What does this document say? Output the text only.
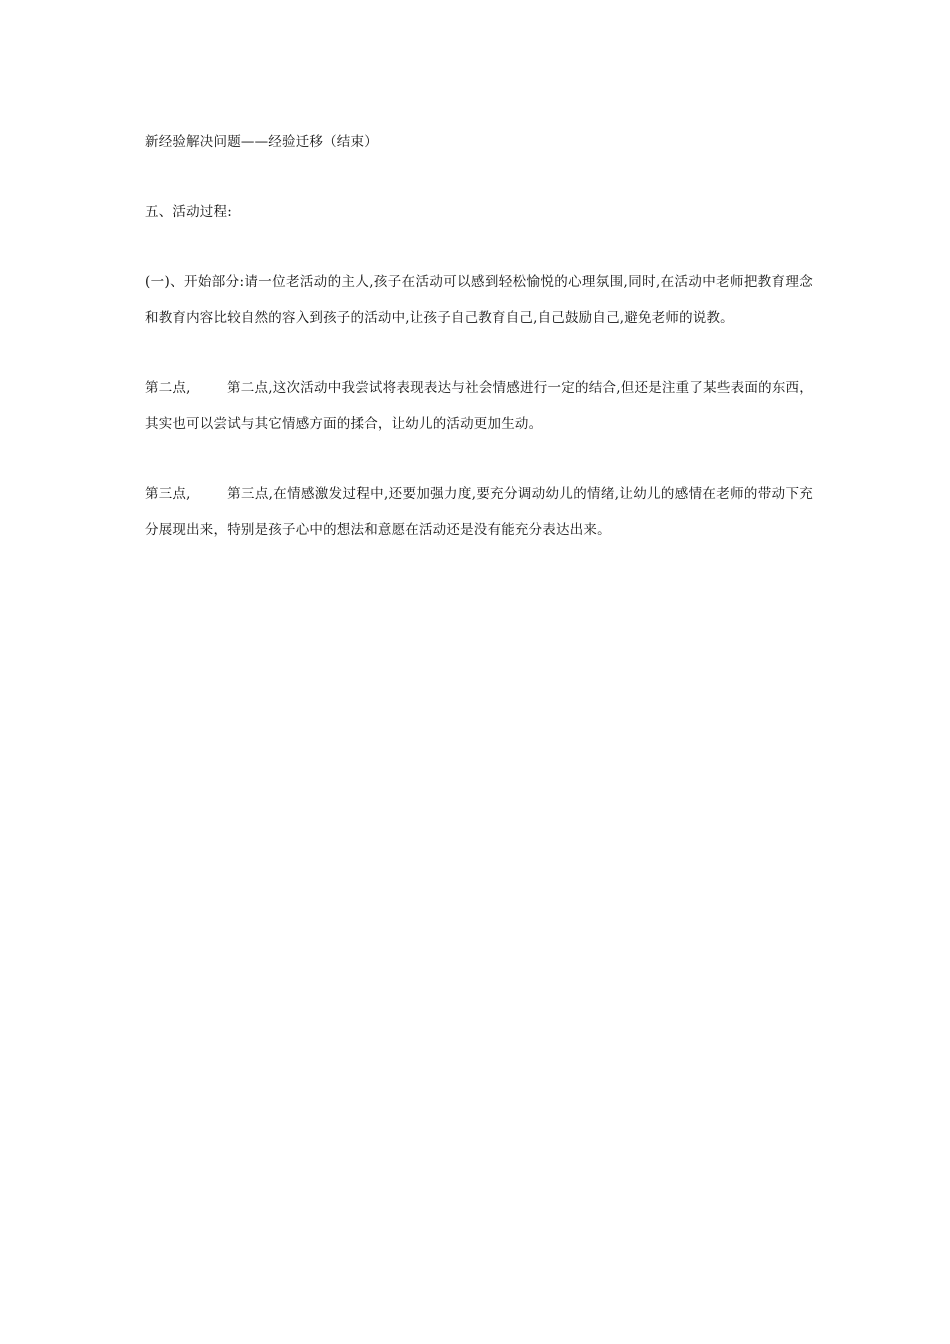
新经验解决问题——经验迁移（结束）

五、活动过程:

(一)、开始部分:请一位老活动的主人,孩子在活动可以感到轻松愉悦的心理氛围,同时,在活动中老师把教育理念和教育内容比较自然的容入到孩子的活动中,让孩子自己教育自己,自己鼓励自己,避免老师的说教。

第二点,	第二点,这次活动中我尝试将表现表达与社会情感进行一定的结合,但还是注重了某些表面的东西，其实也可以尝试与其它情感方面的揉合，让幼儿的活动更加生动。

第三点,	第三点,在情感激发过程中,还要加强力度,要充分调动幼儿的情绪,让幼儿的感情在老师的带动下充分展现出来，特别是孩子心中的想法和意愿在活动还是没有能充分表达出来。
